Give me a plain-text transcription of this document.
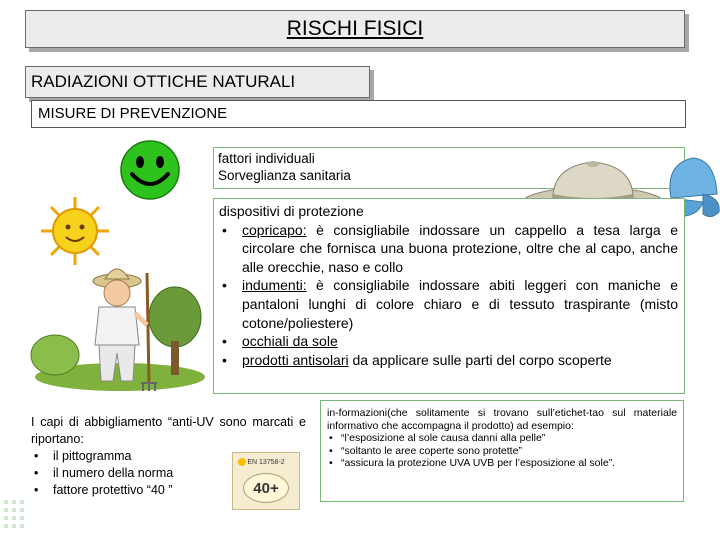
RISCHI FISICI
RADIAZIONI OTTICHE NATURALI
MISURE DI PREVENZIONE
fattori individuali
Sorveglianza sanitaria

dispositivi di protezione

• copricapo: è consigliabile indossare un cappello a tesa larga e circolare che fornisca una buona protezione, oltre che al capo, anche alle orecchie, naso e collo
• indumenti: è consigliabile indossare abiti leggeri con maniche e pantaloni lunghi di colore chiaro e di tessuto traspirante (misto cotone/poliestere)
• occhiali da sole
• prodotti antisolari da applicare sulle parti del corpo scoperte
I capi di abbigliamento “anti-UV sono marcati e riportano:
• il pittogramma
• il numero della norma
• fattore protettivo “40 ”
EN 13758-2
40+
in-formazioni(che solitamente si trovano sull’etichet-tao sul materiale informativo che accompagna il prodotto) ad esempio:
• “l’esposizione al sole causa danni alla pelle”
• “soltanto le aree coperte sono protette”
• “assicura la protezione UVA UVB per l’esposizione al sole”.
